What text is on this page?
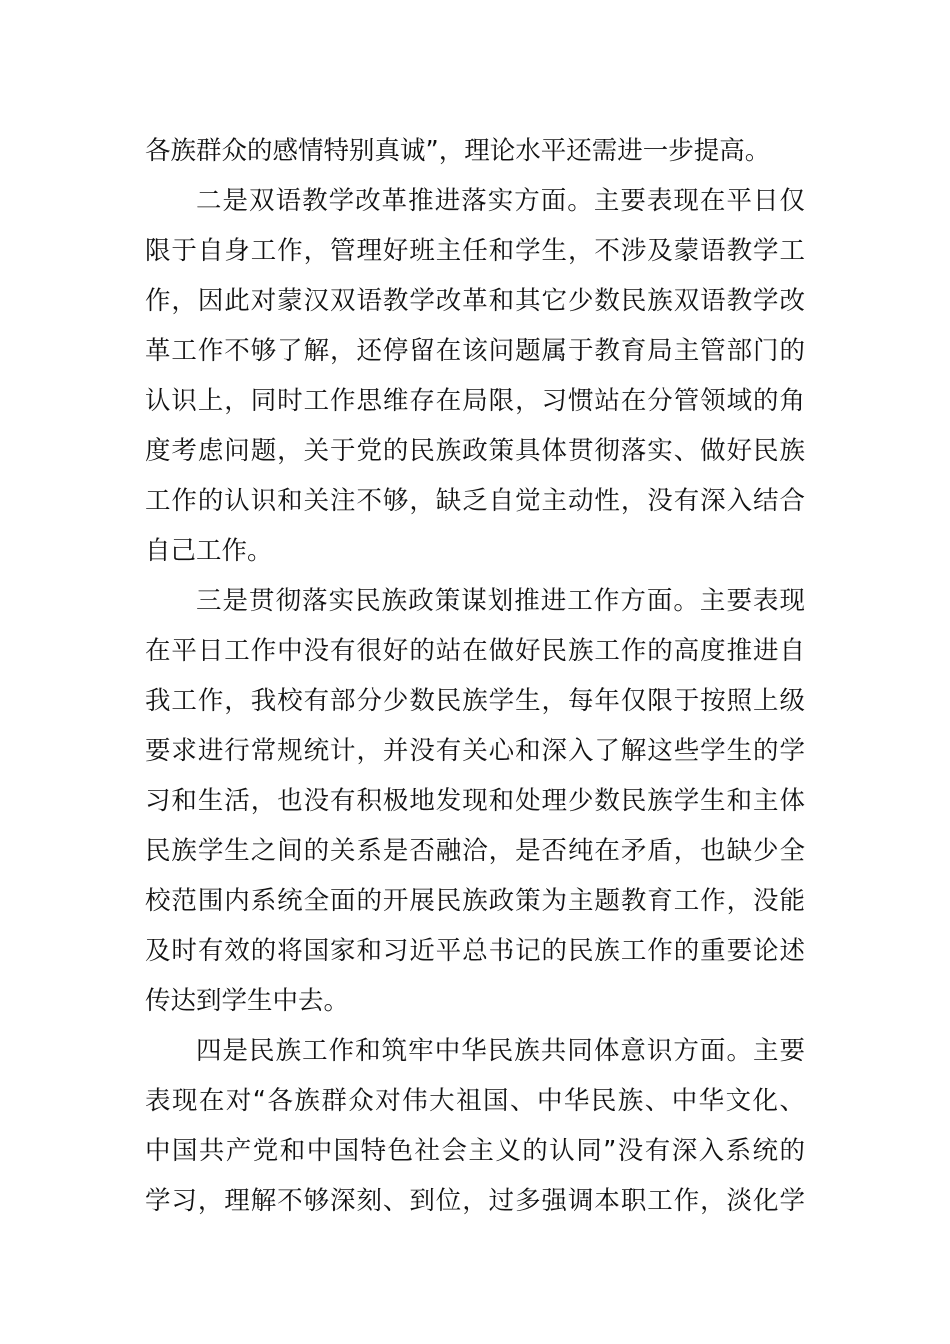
各族群众的感情特别真诚”，理论水平还需进一步提高。
二是双语教学改革推进落实方面。主要表现在平日仅
限于自身工作，管理好班主任和学生，不涉及蒙语教学工
作，因此对蒙汉双语教学改革和其它少数民族双语教学改
革工作不够了解，还停留在该问题属于教育局主管部门的
认识上，同时工作思维存在局限，习惯站在分管领域的角
度考虑问题，关于党的民族政策具体贯彻落实、做好民族
工作的认识和关注不够，缺乏自觉主动性，没有深入结合
自己工作。
三是贯彻落实民族政策谋划推进工作方面。主要表现
在平日工作中没有很好的站在做好民族工作的高度推进自
我工作，我校有部分少数民族学生，每年仅限于按照上级
要求进行常规统计，并没有关心和深入了解这些学生的学
习和生活，也没有积极地发现和处理少数民族学生和主体
民族学生之间的关系是否融洽，是否纯在矛盾，也缺少全
校范围内系统全面的开展民族政策为主题教育工作，没能
及时有效的将国家和习近平总书记的民族工作的重要论述
传达到学生中去。
四是民族工作和筑牢中华民族共同体意识方面。主要
表现在对“各族群众对伟大祖国、中华民族、中华文化、
中国共产党和中国特色社会主义的认同”没有深入系统的
学习，理解不够深刻、到位，过多强调本职工作，淡化学
